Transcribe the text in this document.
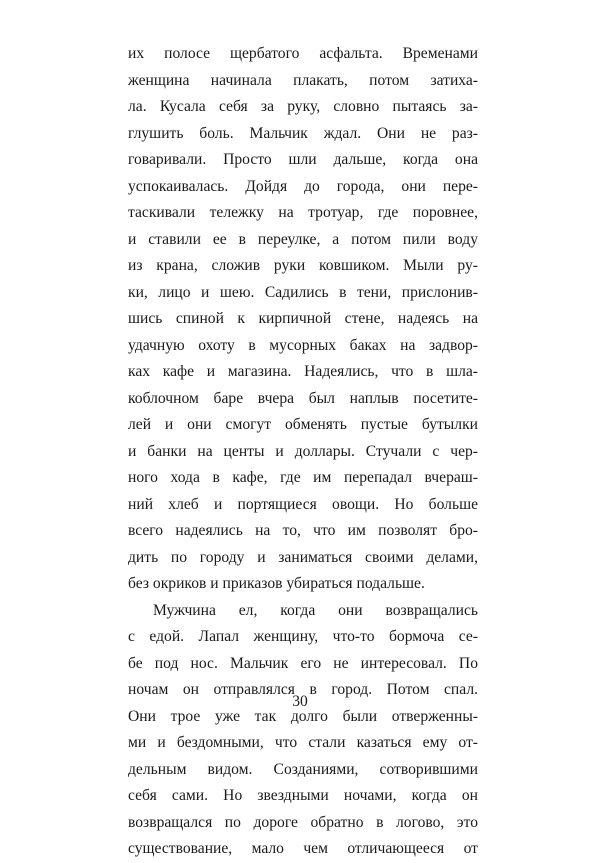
их полосе щербатого асфальта. Временами
женщина начинала плакать, потом затиха-
ла. Кусала себя за руку, словно пытаясь за-
глушить боль. Мальчик ждал. Они не раз-
говаривали. Просто шли дальше, когда она
успокаивалась. Дойдя до города, они пере-
таскивали тележку на тротуар, где поровнее,
и ставили ее в переулке, а потом пили воду
из крана, сложив руки ковшиком. Мыли ру-
ки, лицо и шею. Садились в тени, прислонив-
шись спиной к кирпичной стене, надеясь на
удачную охоту в мусорных баках на задвор-
ках кафе и магазина. Надеялись, что в шла-
коблочном баре вчера был наплыв посетите-
лей и они смогут обменять пустые бутылки
и банки на центы и доллары. Стучали с чер-
ного хода в кафе, где им перепадал вчераш-
ний хлеб и портящиеся овощи. Но больше
всего надеялись на то, что им позволят бро-
дить по городу и заниматься своими делами,
без окриков и приказов убираться подальше.
Мужчина ел, когда они возвращались
с едой. Лапал женщину, что-то бормоча се-
бе под нос. Мальчик его не интересовал. По
ночам он отправлялся в город. Потом спал.
Они трое уже так долго были отверженны-
ми и бездомными, что стали казаться ему от-
дельным видом. Созданиями, сотворившими
себя сами. Но звездными ночами, когда он
возвращался по дороге обратно в логово, это
существование, мало чем отличающееся от
30
